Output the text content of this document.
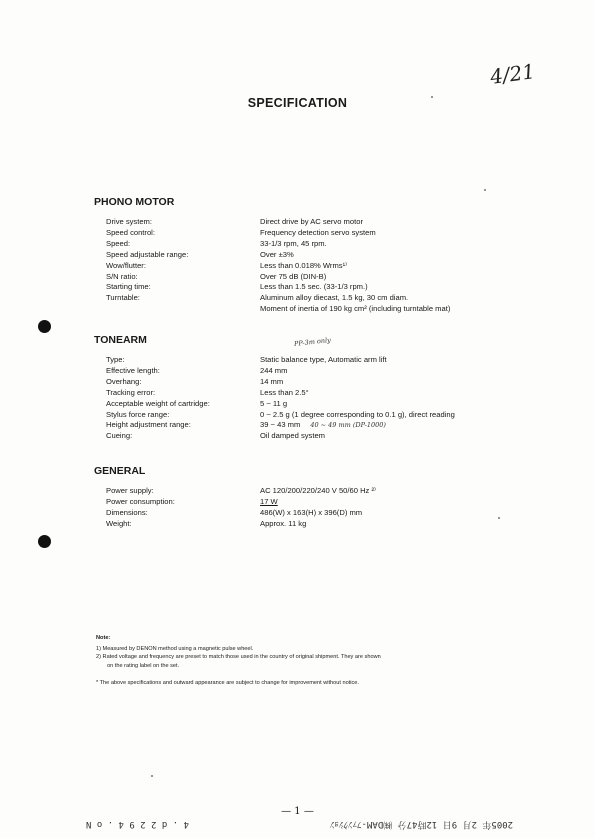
4/21
SPECIFICATION
PHONO MOTOR
Drive system:	Direct drive by AC servo motor
Speed control:	Frequency detection servo system
Speed:	33-1/3 rpm, 45 rpm.
Speed adjustable range:	Over ±3%
Wow/flutter:	Less than 0.018% Wrms¹⁾
S/N ratio:	Over 75 dB (DIN-B)
Starting time:	Less than 1.5 sec. (33-1/3 rpm.)
Turntable:	Aluminum alloy diecast, 1.5 kg, 30 cm diam.
Moment of inertia of 190 kg cm² (including turntable mat)
PP-3m only
TONEARM
Type:	Static balance type, Automatic arm lift
Effective length:	244 mm
Overhang:	14 mm
Tracking error:	Less than 2.5°
Acceptable weight of cartridge:	5 ~ 11 g
Stylus force range:	0 ~ 2.5 g (1 degree corresponding to 0.1 g), direct reading
Height adjustment range:	39 ~ 43 mm 40 ~ 49 mm (DP-1000)
Cueing:	Oil damped system
GENERAL
Power supply:	AC 120/200/220/240 V 50/60 Hz ²⁾
Power consumption:	17 W
Dimensions:	486(W) x 163(H) x 396(D) mm
Weight:	Approx. 11 kg
Note:
1) Measured by DENON method using a magnetic pulse wheel.
2) Rated voltage and frequency are preset to match those used in the country of original shipment. They are shown
on the rating label on the set.
* The above specifications and outward appearance are subject to change for improvement without notice.
— 1 —
4 . d 2 2 9 4 . o N	2005年 2月 9日 12時47分 ㈱DAM-ﾌｧﾝｸｼｮﾝ
